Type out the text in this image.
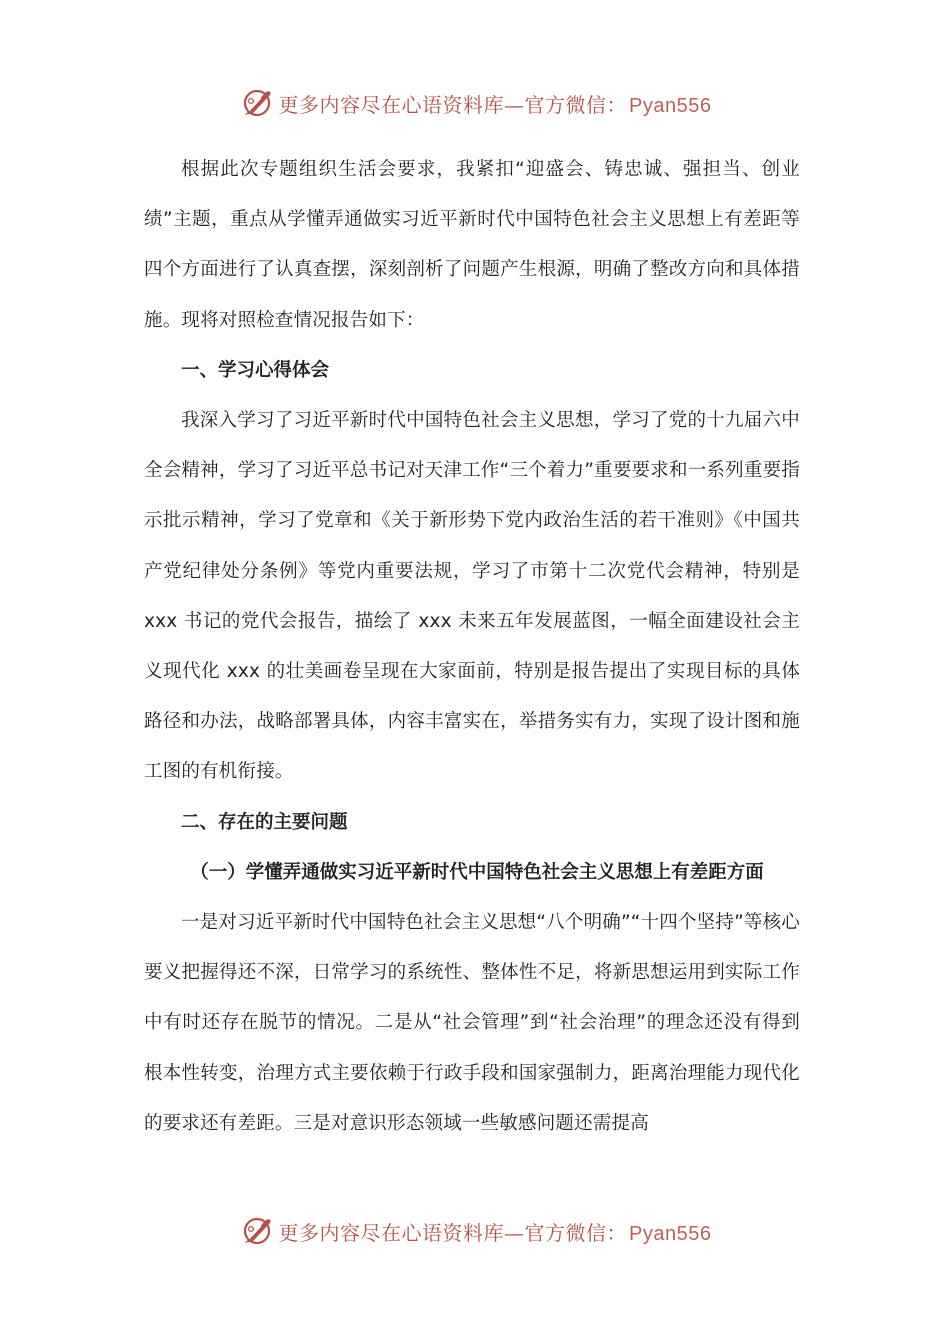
更多内容尽在心语资料库—官方微信： Pyan556

根据此次专题组织生活会要求，我紧扣“迎盛会、铸忠诚、强担当、创业绩”主题，重点从学懂弄通做实习近平新时代中国特色社会主义思想上有差距等四个方面进行了认真查摆，深刻剖析了问题产生根源，明确了整改方向和具体措施。现将对照检查情况报告如下：

一、学习心得体会

我深入学习了习近平新时代中国特色社会主义思想，学习了党的十九届六中全会精神，学习了习近平总书记对天津工作“三个着力”重要要求和一系列重要指示批示精神，学习了党章和《关于新形势下党内政治生活的若干准则》《中国共产党纪律处分条例》等党内重要法规，学习了市第十二次党代会精神，特别是 xxx 书记的党代会报告，描绘了 xxx 未来五年发展蓝图，一幅全面建设社会主义现代化 xxx 的壮美画卷呈现在大家面前，特别是报告提出了实现目标的具体路径和办法，战略部署具体，内容丰富实在，举措务实有力，实现了设计图和施工图的有机衔接。

二、存在的主要问题

（一）学懂弄通做实习近平新时代中国特色社会主义思想上有差距方面

一是对习近平新时代中国特色社会主义思想“八个明确”“十四个坚持”等核心要义把握得还不深，日常学习的系统性、整体性不足，将新思想运用到实际工作中有时还存在脱节的情况。二是从“社会管理”到“社会治理”的理念还没有得到根本性转变，治理方式主要依赖于行政手段和国家强制力，距离治理能力现代化的要求还有差距。三是对意识形态领域一些敏感问题还需提高

更多内容尽在心语资料库—官方微信： Pyan556
